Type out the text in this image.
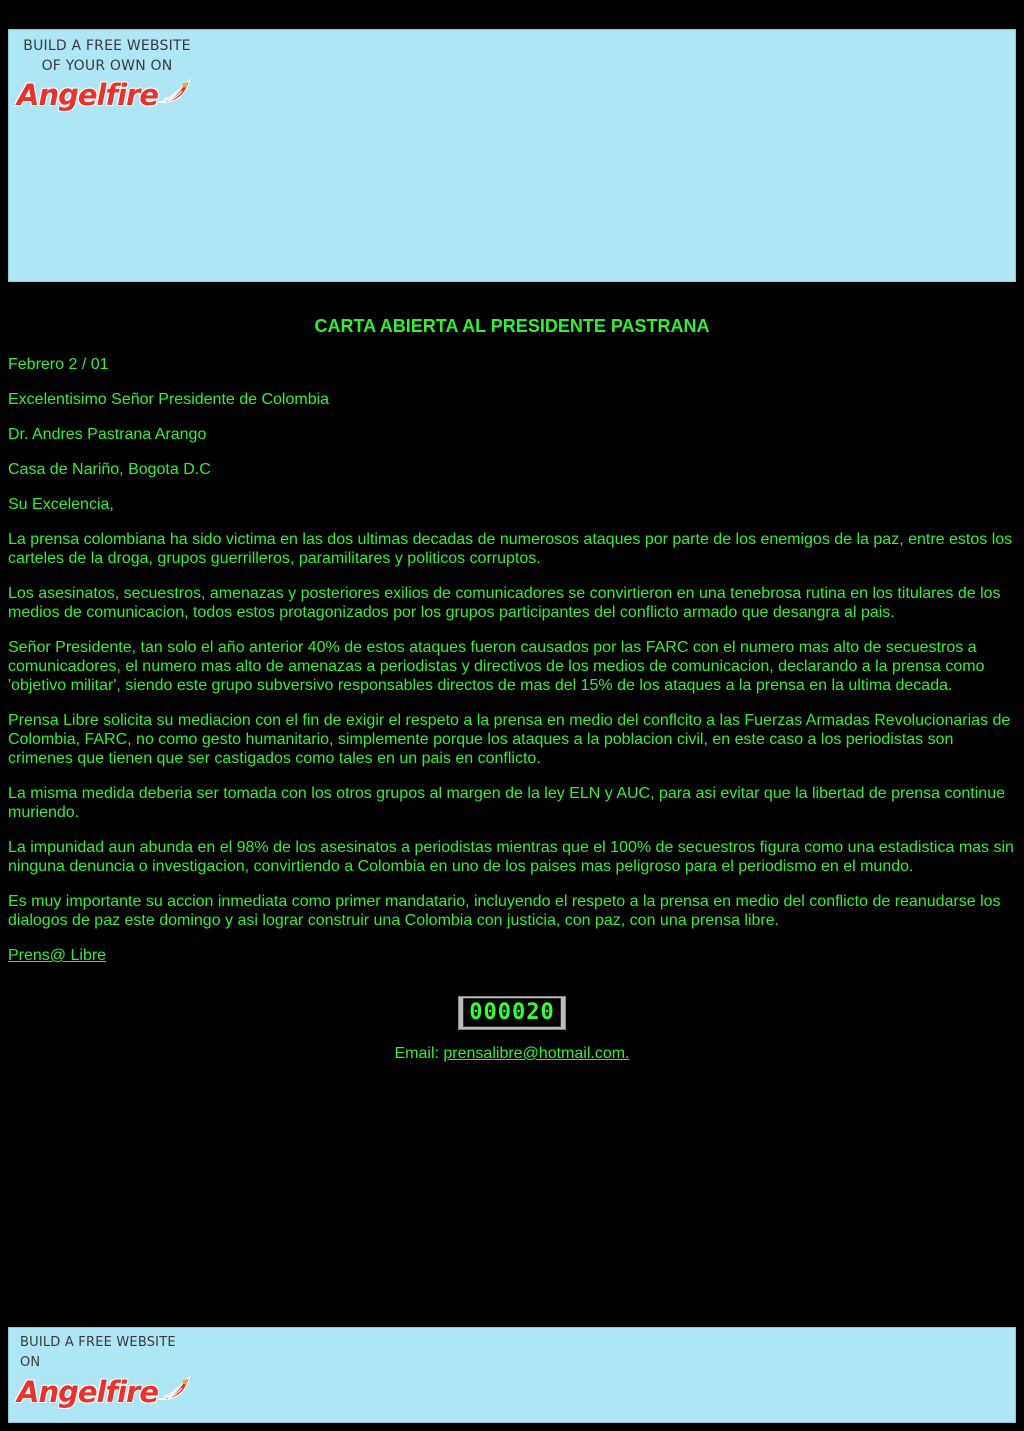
BUILD A FREE WEBSITE
OF YOUR OWN ON
Angelfire
CARTA ABIERTA AL PRESIDENTE PASTRANA

Febrero 2 / 01

Excelentisimo Señor Presidente de Colombia

Dr. Andres Pastrana Arango

Casa de Nariño, Bogota D.C

Su Excelencia,

La prensa colombiana ha sido victima en las dos ultimas decadas de numerosos ataques por parte de los enemigos de la paz, entre estos los carteles de la droga, grupos guerrilleros, paramilitares y politicos corruptos.

Los asesinatos, secuestros, amenazas y posteriores exilios de comunicadores se convirtieron en una tenebrosa rutina en los titulares de los medios de comunicacion, todos estos protagonizados por los grupos participantes del conflicto armado que desangra al pais.

Señor Presidente, tan solo el año anterior 40% de estos ataques fueron causados por las FARC con el numero mas alto de secuestros a comunicadores, el numero mas alto de amenazas a periodistas y directivos de los medios de comunicacion, declarando a la prensa como 'objetivo militar', siendo este grupo subversivo responsables directos de mas del 15% de los ataques a la prensa en la ultima decada.

Prensa Libre solicita su mediacion con el fin de exigir el respeto a la prensa en medio del conflcito a las Fuerzas Armadas Revolucionarias de Colombia, FARC, no como gesto humanitario, simplemente porque los ataques a la poblacion civil, en este caso a los periodistas son crimenes que tienen que ser castigados como tales en un pais en conflicto.

La misma medida deberia ser tomada con los otros grupos al margen de la ley ELN y AUC, para asi evitar que la libertad de prensa continue muriendo.

La impunidad aun abunda en el 98% de los asesinatos a periodistas mientras que el 100% de secuestros figura como una estadistica mas sin ninguna denuncia o investigacion, convirtiendo a Colombia en uno de los paises mas peligroso para el periodismo en el mundo.

Es muy importante su accion inmediata como primer mandatario, incluyendo el respeto a la prensa en medio del conflicto de reanudarse los dialogos de paz este domingo y asi lograr construir una Colombia con justicia, con paz, con una prensa libre.

Prens@ Libre

000020
Email: prensalibre@hotmail.com.
BUILD A FREE WEBSITE ON
Angelfire
